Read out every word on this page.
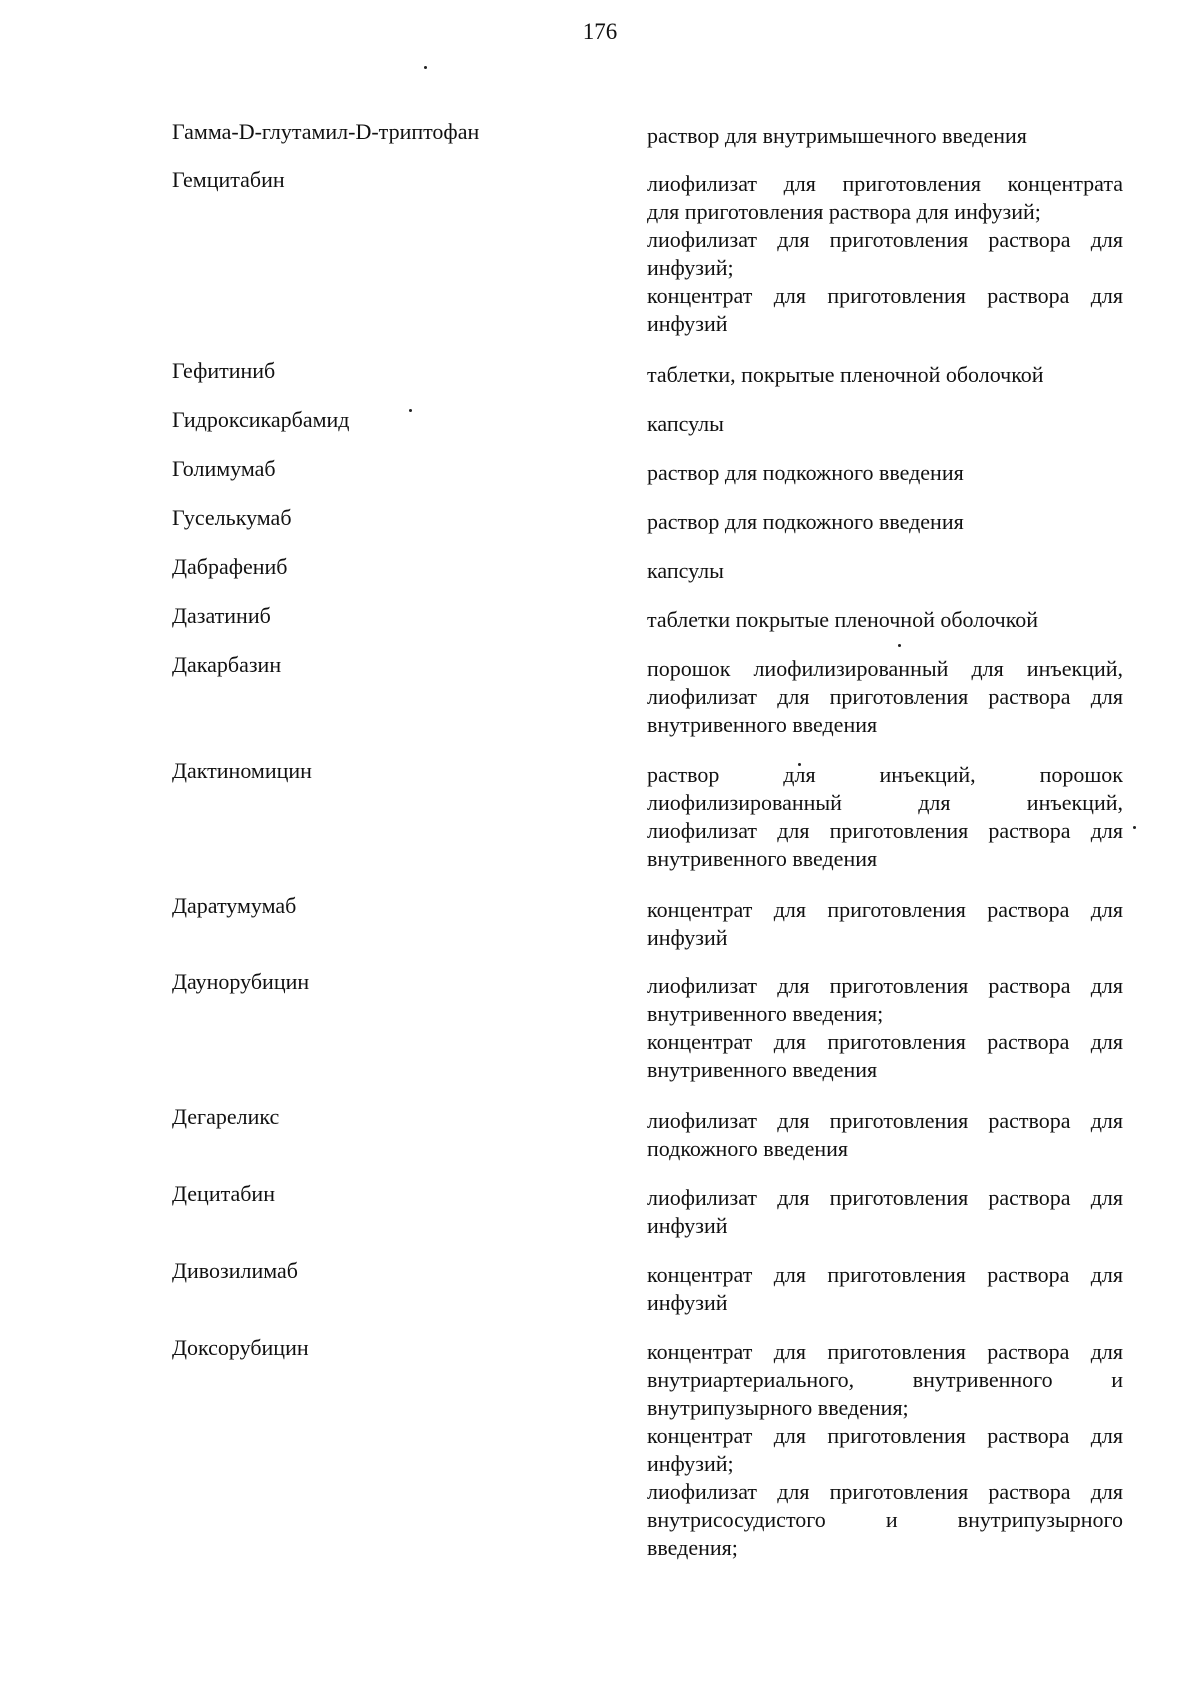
176
Гамма-D-глутамил-D-триптофан	раствор для внутримышечного введения
Гемцитабин	лиофилизат для приготовления концентрата
для приготовления раствора для инфузий;
лиофилизат для приготовления раствора для
инфузий;
концентрат для приготовления раствора для
инфузий
Гефитиниб	таблетки, покрытые пленочной оболочкой
Гидроксикарбамид	капсулы
Голимумаб	раствор для подкожного введения
Гуселькумаб	раствор для подкожного введения
Дабрафениб	капсулы
Дазатиниб	таблетки покрытые пленочной оболочкой
Дакарбазин	порошок лиофилизированный для инъекций,
лиофилизат для приготовления раствора для
внутривенного введения
Дактиномицин	раствор для инъекций, порошок
лиофилизированный для инъекций,
лиофилизат для приготовления раствора для
внутривенного введения
Даратумумаб	концентрат для приготовления раствора для
инфузий
Даунорубицин	лиофилизат для приготовления раствора для
внутривенного введения;
концентрат для приготовления раствора для
внутривенного введения
Дегареликс	лиофилизат для приготовления раствора для
подкожного введения
Децитабин	лиофилизат для приготовления раствора для
инфузий
Дивозилимаб	концентрат для приготовления раствора для
инфузий
Доксорубицин	концентрат для приготовления раствора для
внутриартериального, внутривенного и
внутрипузырного введения;
концентрат для приготовления раствора для
инфузий;
лиофилизат для приготовления раствора для
внутрисосудистого и внутрипузырного
введения;
